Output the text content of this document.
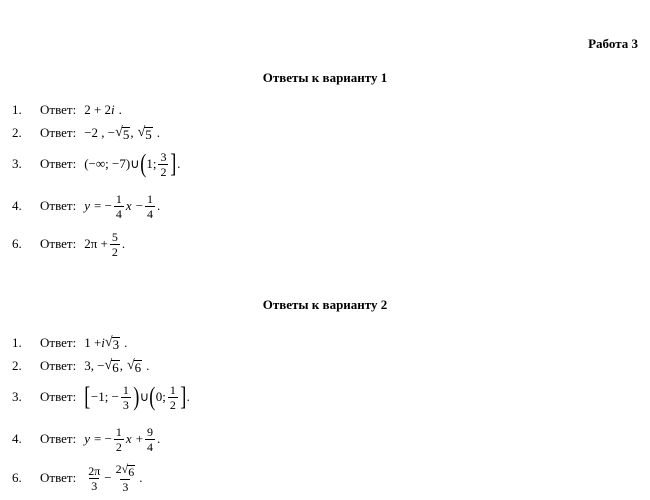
Работа 3
Ответы к варианту 1
1.	Ответ: 2 + 2 i .
2.	Ответ: −2 , − √ 5 , √ 5 .
3.	Ответ: (−∞; −7)∪ ( 1; $\frac{3}{2}$ ] .
4.	Ответ: y = − $\frac{1}{4}$ $x - \frac{1}{4}$ .
6.	Ответ: $2\pi + \frac{5}{2}$ .
Ответы к варианту 2
1.	Ответ: 1 + i √ 3 .
2.	Ответ: 3, − √ 6 , √ 6 .
3.	Ответ: [ −1; − $\frac{1}{3}$ ) ∪ ( 0; $\frac{1}{2}$ ] .
4.	Ответ: y = − $\frac{1}{2}$ $x + \frac{9}{4}$ .
6.	Ответ: $\frac{2\pi}{3} - \frac{2 √ 6}{3}$ .
